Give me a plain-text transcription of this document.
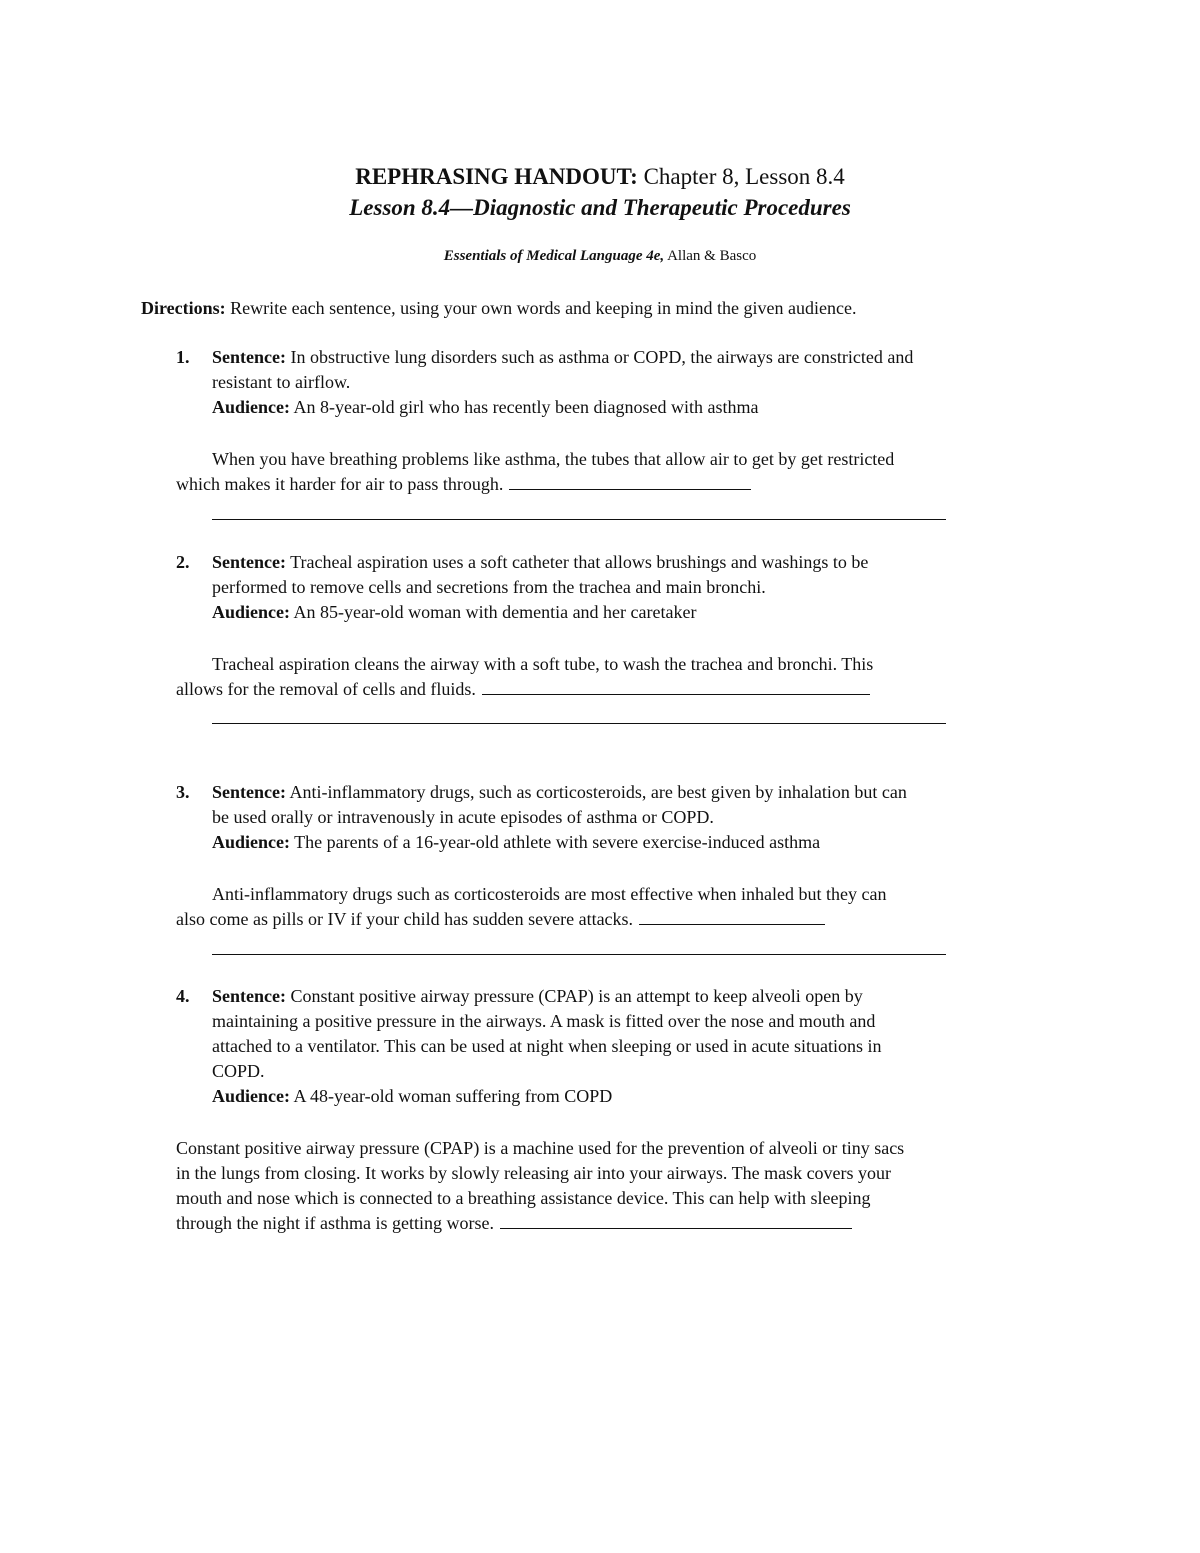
REPHRASING HANDOUT: Chapter 8, Lesson 8.4
Lesson 8.4—Diagnostic and Therapeutic Procedures
Essentials of Medical Language 4e, Allan & Basco
Directions: Rewrite each sentence, using your own words and keeping in mind the given audience.
1. Sentence: In obstructive lung disorders such as asthma or COPD, the airways are constricted and
resistant to airflow.
Audience: An 8-year-old girl who has recently been diagnosed with asthma
When you have breathing problems like asthma, the tubes that allow air to get by get restricted
which makes it harder for air to pass through.
2. Sentence: Tracheal aspiration uses a soft catheter that allows brushings and washings to be
performed to remove cells and secretions from the trachea and main bronchi.
Audience: An 85-year-old woman with dementia and her caretaker
Tracheal aspiration cleans the airway with a soft tube, to wash the trachea and bronchi. This
allows for the removal of cells and fluids.
3. Sentence: Anti-inflammatory drugs, such as corticosteroids, are best given by inhalation but can
be used orally or intravenously in acute episodes of asthma or COPD.
Audience: The parents of a 16-year-old athlete with severe exercise-induced asthma
Anti-inflammatory drugs such as corticosteroids are most effective when inhaled but they can
also come as pills or IV if your child has sudden severe attacks.
4. Sentence: Constant positive airway pressure (CPAP) is an attempt to keep alveoli open by
maintaining a positive pressure in the airways. A mask is fitted over the nose and mouth and
attached to a ventilator. This can be used at night when sleeping or used in acute situations in
COPD.
Audience: A 48-year-old woman suffering from COPD
Constant positive airway pressure (CPAP) is a machine used for the prevention of alveoli or tiny sacs
in the lungs from closing. It works by slowly releasing air into your airways. The mask covers your
mouth and nose which is connected to a breathing assistance device. This can help with sleeping
through the night if asthma is getting worse.
